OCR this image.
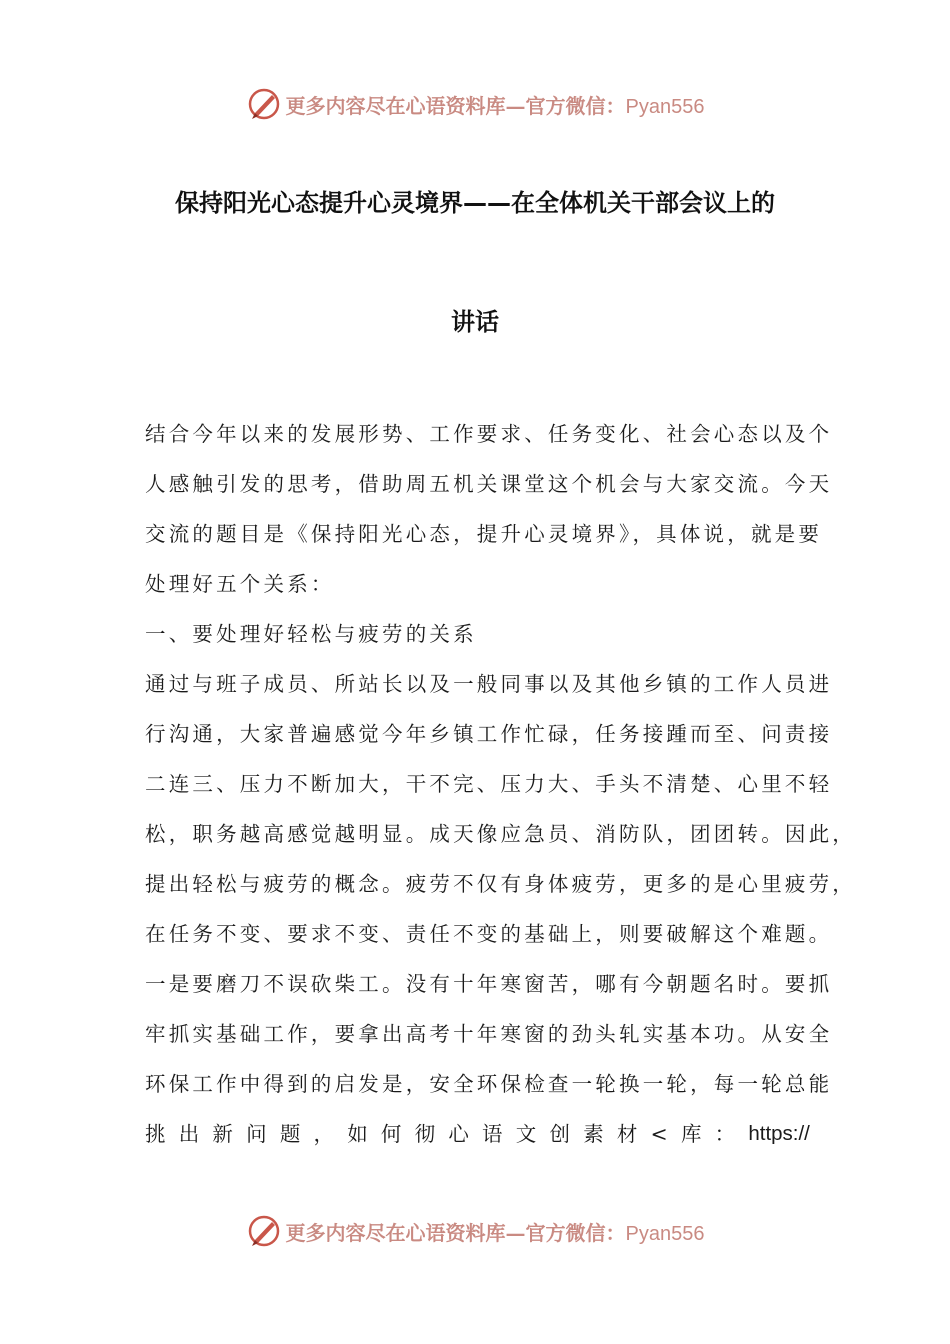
更多内容尽在心语资料库—官方微信：Pyan556
保持阳光心态提升心灵境界——在全体机关干部会议上的
讲话
结合今年以来的发展形势、工作要求、任务变化、社会心态以及个
人感触引发的思考，借助周五机关课堂这个机会与大家交流。今天
交流的题目是《保持阳光心态，提升心灵境界》，具体说，就是要
处理好五个关系：
一、要处理好轻松与疲劳的关系
通过与班子成员、所站长以及一般同事以及其他乡镇的工作人员进
行沟通，大家普遍感觉今年乡镇工作忙碌，任务接踵而至、问责接
二连三、压力不断加大，干不完、压力大、手头不清楚、心里不轻
松，职务越高感觉越明显。成天像应急员、消防队，团团转。因此，
提出轻松与疲劳的概念。疲劳不仅有身体疲劳，更多的是心里疲劳，
在任务不变、要求不变、责任不变的基础上，则要破解这个难题。
一是要磨刀不误砍柴工。没有十年寒窗苦，哪有今朝题名时。要抓
牢抓实基础工作，要拿出高考十年寒窗的劲头轧实基本功。从安全
环保工作中得到的启发是，安全环保检查一轮换一轮，每一轮总能
挑 出 新 问 题 ， 如 何 彻 心 语 文 创 素 材 < 库 ： https://
更多内容尽在心语资料库—官方微信：Pyan556
